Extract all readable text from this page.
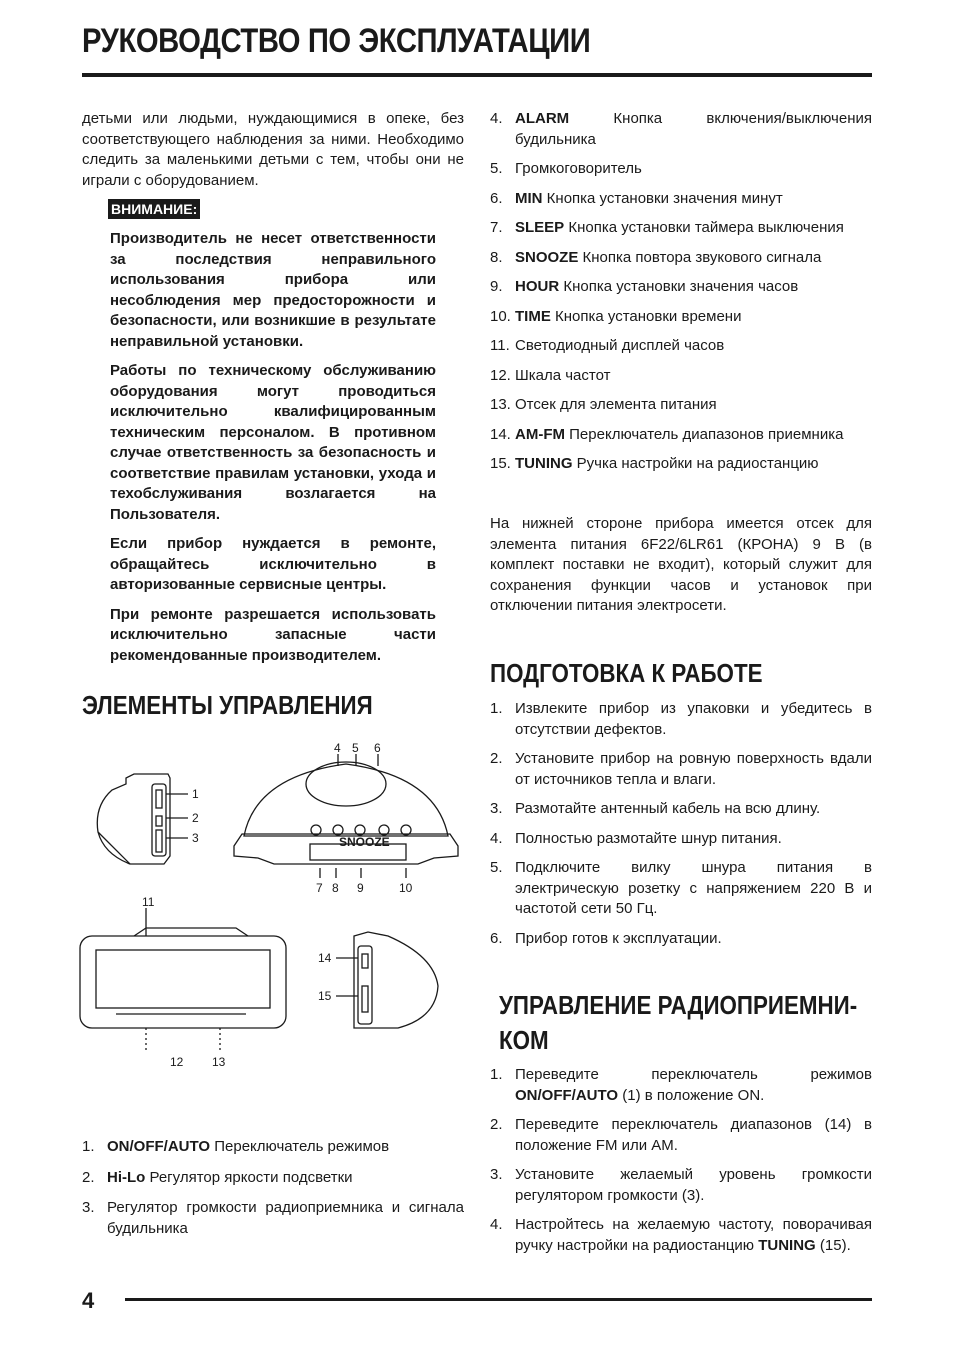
РУКОВОДСТВО ПО ЭКСПЛУАТАЦИИ

детьми или людьми, нуждающимися в опеке, без соответствующего наблюдения за ними. Необходимо следить за маленькими детьми с тем, чтобы они не играли с оборудованием.

ВНИМАНИЕ:

Производитель не несет ответственности за последствия неправильного использования прибора или несоблюдения мер предосторожности и безопасности, или возникшие в результате неправильной установки.

Работы по техническому обслуживанию оборудования могут проводиться исключительно квалифицированным техническим персоналом. В противном случае ответственность за безопасность и соответствие правилам установки, ухода и техобслуживания возлагается на Пользователя.

Если прибор нуждается в ремонте, обращайтесь исключительно в авторизованные сервисные центры.

При ремонте разрешается использовать исключительно запасные части рекомендованные производителем.

ЭЛЕМЕНТЫ УПРАВЛЕНИЯ
SNOOZE
1
2
3
4 5 6
7 8 9	10
11
12 13
14
15
1. ON/OFF/AUTO Переключатель режимов
2. Hi-Lo Регулятор яркости подсветки
3. Регулятор громкости радиоприемника и сигнала будильника
4. ALARM Кнопка включения/выключения будильника
5. Громкоговоритель
6. MIN Кнопка установки значения минут
7. SLEEP Кнопка установки таймера выключения
8. SNOOZE Кнопка повтора звукового сигнала
9. HOUR Кнопка установки значения часов
10. TIME Кнопка установки времени
11. Светодиодный дисплей часов
12. Шкала частот
13. Отсек для элемента питания
14. AM-FM Переключатель диапазонов приемника
15. TUNING Ручка настройки на радиостанцию

На нижней стороне прибора имеется отсек для элемента питания 6F22/6LR61 (КРОНА) 9 В (в комплект поставки не входит), который служит для сохранения функции часов и установок при отключении питания электросети.

ПОДГОТОВКА К РАБОТЕ
1. Извлеките прибор из упаковки и убедитесь в отсутствии дефектов.
2. Установите прибор на ровную поверхность вдали от источников тепла и влаги.
3. Размотайте антенный кабель на всю длину.
4. Полностью размотайте шнур питания.
5. Подключите вилку шнура питания в электрическую розетку с напряжением 220 В и частотой сети 50 Гц.
6. Прибор готов к эксплуатации.
УПРАВЛЕНИЕ РАДИОПРИЕМНИ-
КОМ
1. Переведите переключатель режимов ON/OFF/AUTO (1) в положение ON.
2. Переведите переключатель диапазонов (14) в положение FM или AM.
3. Установите желаемый уровень громкости регулятором громкости (3).
4. Настройтесь на желаемую частоту, поворачивая ручку настройки на радиостанцию TUNING (15).
4
